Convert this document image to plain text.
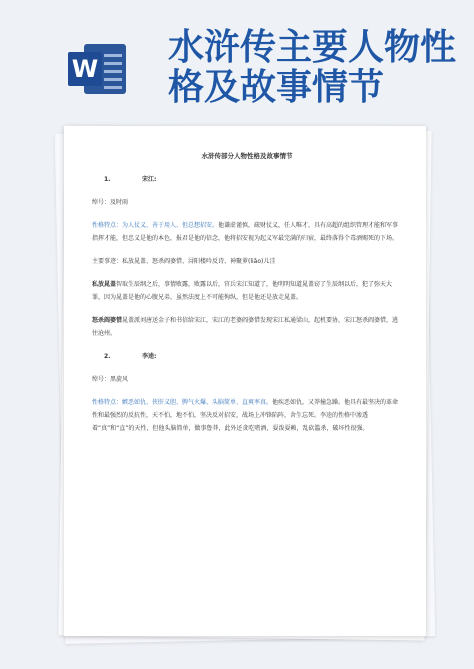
W
水浒传主要人物性
格及故事情节
水浒传部分人物性格及故事情节
1.	宋江:
绰号：及时雨
性格特点：为人仗义、善于用人、但总想招安。他谦虚谨慎，疏财仗义，任人唯才，具有高超的组织管理才能和军事指挥才能，但忠义是他的本色，报君是他的信念，他将招安视为起义军最完满的归宿，最终落得个毒酒赐死的下场。
主要事迹：私放晁盖、怒杀阎婆惜、浔阳楼吟反诗、神聚萝(liǎo)儿洼
私放晁盖智取生辰纲之后，事情败露，败露以后，官兵宋江知道了，他明明知道晁盖窃了生辰纲以后，犯了弥天大罪，因为晁盖是他的心腹兄弟，虽然法度上不可能徇纵，但是他还是放走晁盖。
怒杀阎婆惜晁盖派刘唐送金子和书信给宋江，宋江的老婆阎婆惜发现宋江私通梁山，起机要协，宋江怒杀阎婆惜，逃往沧州。
2.	李逵:
绰号：黑旋风
性格特点：嫉恶如仇、侠肝义胆、脾气火爆、头脑简单、直爽率真。他疾恶如仇，又莽撞急躁。他具有最坚决的革命性和最强烈的反抗性，天不怕，地不怕，坚决反对招安，战场上冲锋陷阵，舍生忘死。李逵的性格中渗透着“真”和“直”的天性，但他头脑简单，做事鲁莽，此外还贪吃嗜酒，耍泼耍赖，乱砍滥杀，破坏性很强。
·
